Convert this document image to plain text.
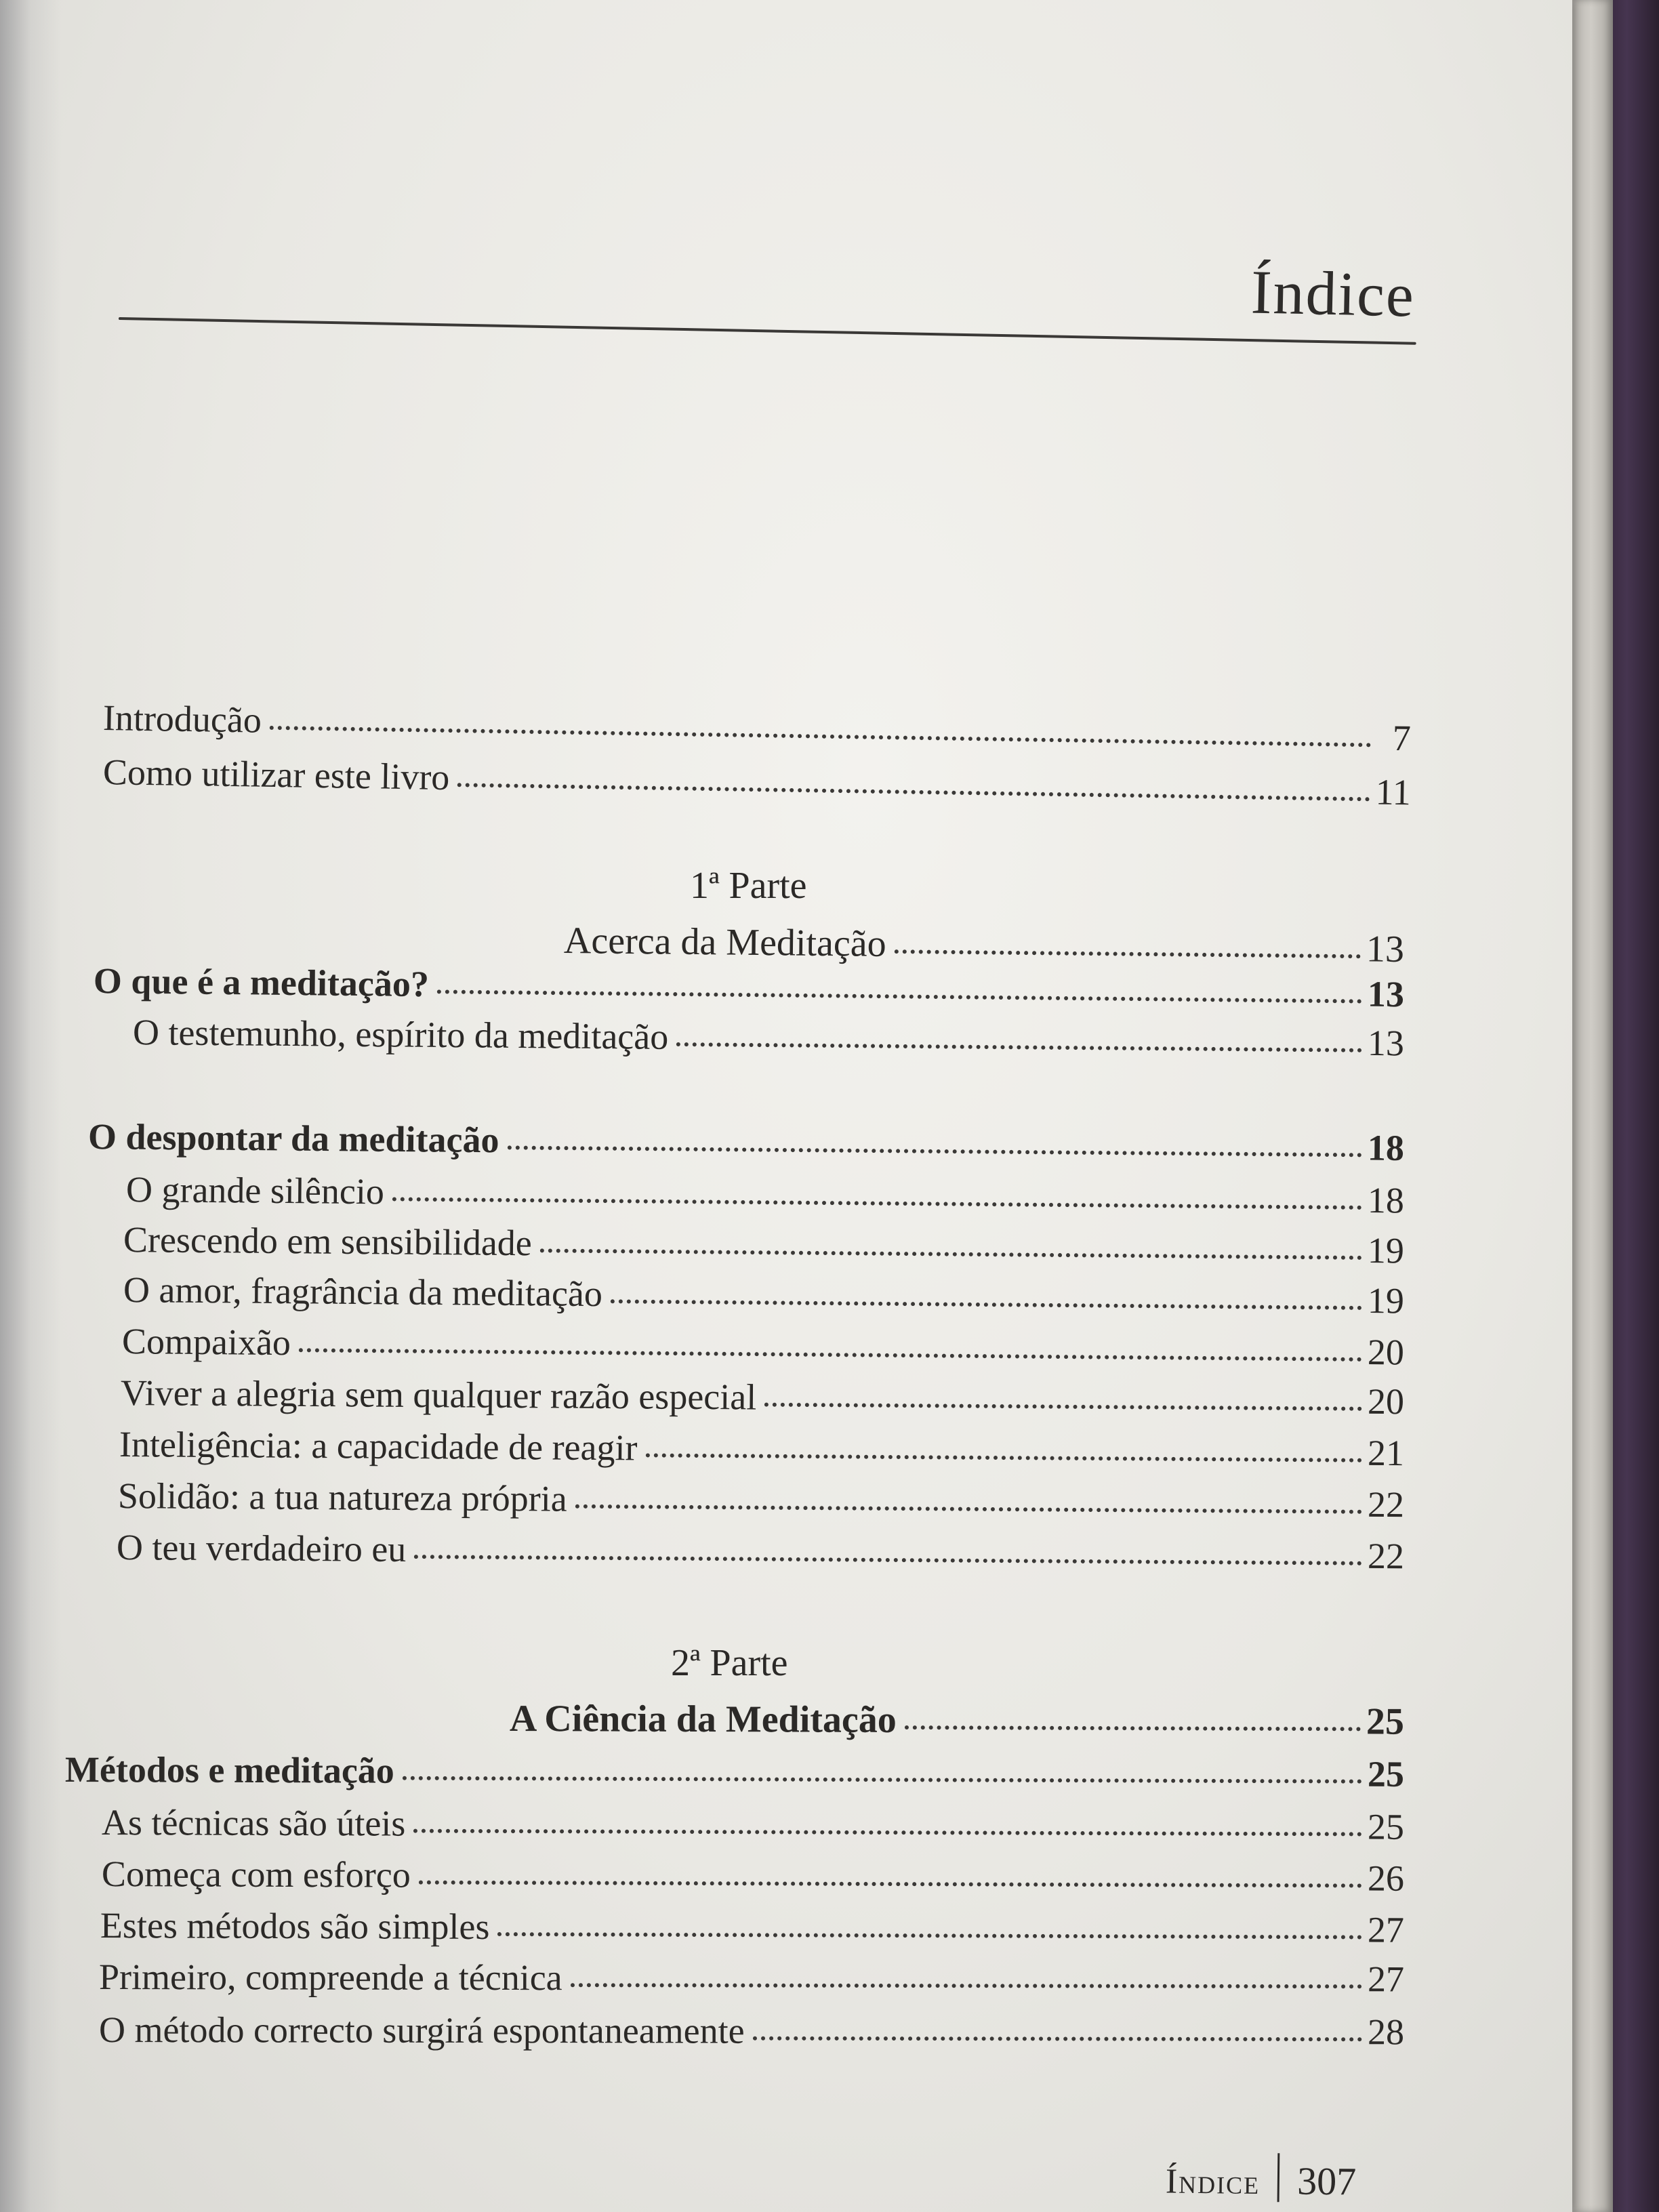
Índice
Introdução	7
Como utilizar este livro	11
1ª Parte
Acerca da Meditação	13
O que é a meditação?	13
O testemunho, espírito da meditação	13
O despontar da meditação	18
O grande silêncio	18
Crescendo em sensibilidade	19
O amor, fragrância da meditação	19
Compaixão	20
Viver a alegria sem qualquer razão especial	20
Inteligência: a capacidade de reagir	21
Solidão: a tua natureza própria	22
O teu verdadeiro eu	22
2ª Parte
A Ciência da Meditação	25
Métodos e meditação	25
As técnicas são úteis	25
Começa com esforço	26
Estes métodos são simples	27
Primeiro, compreende a técnica	27
O método correcto surgirá espontaneamente	28
Índice 307
